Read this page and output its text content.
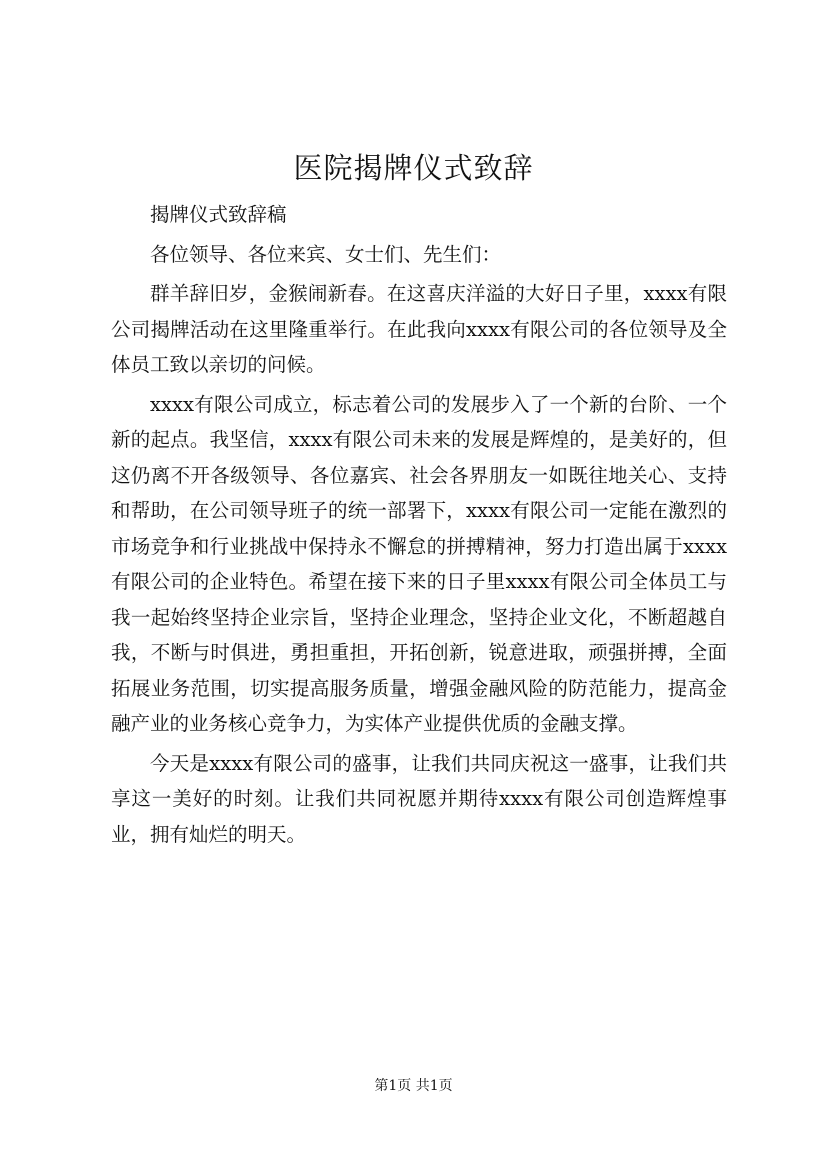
医院揭牌仪式致辞

揭牌仪式致辞稿

各位领导、各位来宾、女士们、先生们：

群羊辞旧岁，金猴闹新春。在这喜庆洋溢的大好日子里，xxxx有限公司揭牌活动在这里隆重举行。在此我向xxxx有限公司的各位领导及全体员工致以亲切的问候。

xxxx有限公司成立，标志着公司的发展步入了一个新的台阶、一个新的起点。我坚信，xxxx有限公司未来的发展是辉煌的，是美好的，但这仍离不开各级领导、各位嘉宾、社会各界朋友一如既往地关心、支持和帮助，在公司领导班子的统一部署下，xxxx有限公司一定能在激烈的市场竞争和行业挑战中保持永不懈怠的拼搏精神，努力打造出属于xxxx有限公司的企业特色。希望在接下来的日子里xxxx有限公司全体员工与我一起始终坚持企业宗旨，坚持企业理念，坚持企业文化，不断超越自我，不断与时俱进，勇担重担，开拓创新，锐意进取，顽强拼搏，全面拓展业务范围，切实提高服务质量，增强金融风险的防范能力，提高金融产业的业务核心竞争力，为实体产业提供优质的金融支撑。

今天是xxxx有限公司的盛事，让我们共同庆祝这一盛事，让我们共享这一美好的时刻。让我们共同祝愿并期待xxxx有限公司创造辉煌事业，拥有灿烂的明天。

第1页 共1页
